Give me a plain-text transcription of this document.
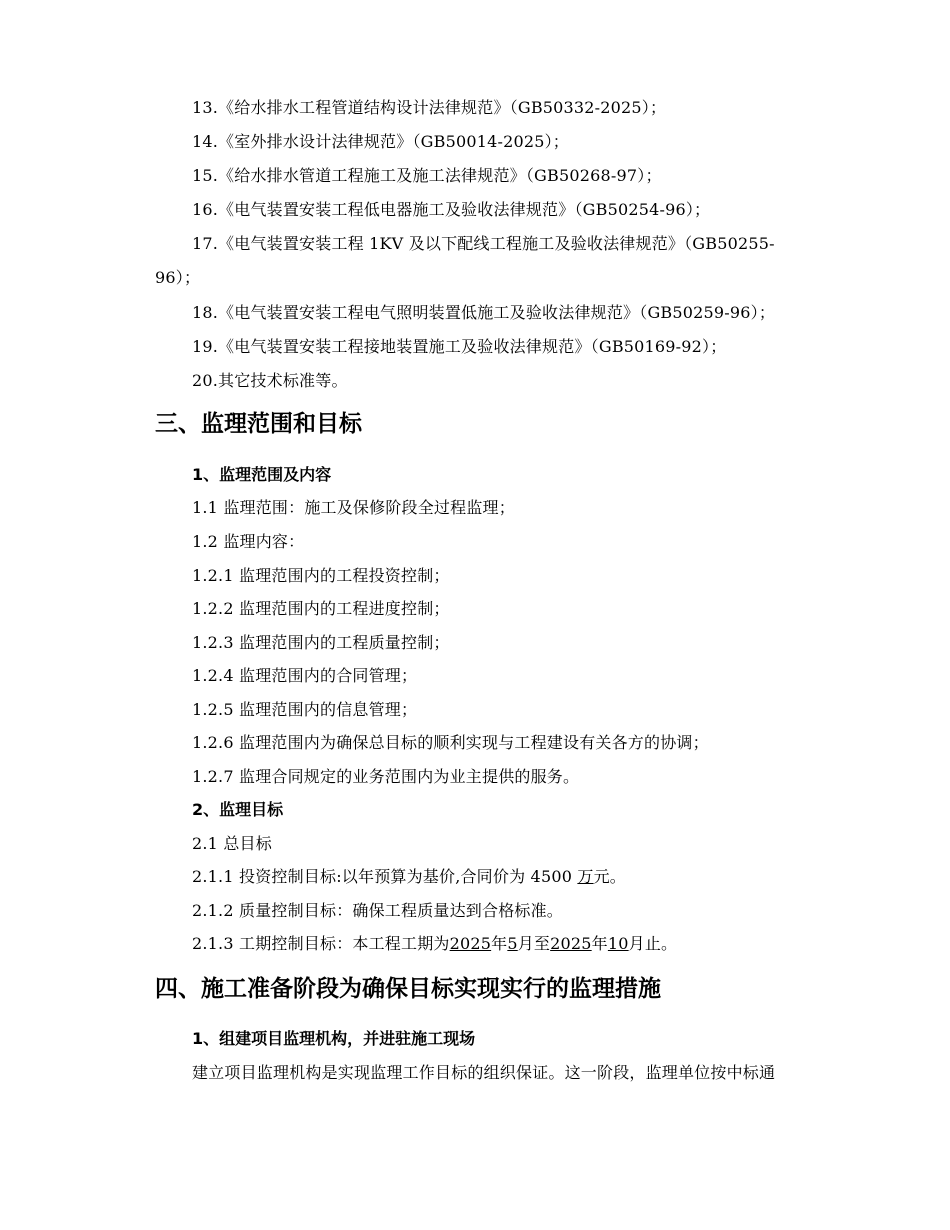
13.《给水排水工程管道结构设计法律规范》（GB50332-2025）；
14.《室外排水设计法律规范》（GB50014-2025）；
15.《给水排水管道工程施工及施工法律规范》（GB50268-97）；
16.《电气装置安装工程低电器施工及验收法律规范》（GB50254-96）；
17.《电气装置安装工程 1KV 及以下配线工程施工及验收法律规范》（GB50255-
96）；
18.《电气装置安装工程电气照明装置低施工及验收法律规范》（GB50259-96）；
19.《电气装置安装工程接地装置施工及验收法律规范》（GB50169-92）；
20.其它技术标准等。
三、监理范围和目标
1、监理范围及内容
1.1 监理范围：施工及保修阶段全过程监理；
1.2 监理内容：
1.2.1 监理范围内的工程投资控制；
1.2.2 监理范围内的工程进度控制；
1.2.3 监理范围内的工程质量控制；
1.2.4 监理范围内的合同管理；
1.2.5 监理范围内的信息管理；
1.2.6 监理范围内为确保总目标的顺利实现与工程建设有关各方的协调；
1.2.7 监理合同规定的业务范围内为业主提供的服务。
2、监理目标
2.1 总目标
2.1.1 投资控制目标:以年预算为基价,合同价为 4500 万元。
2.1.2 质量控制目标：确保工程质量达到合格标准。
2.1.3 工期控制目标：本工程工期为2025年5月至2025年10月止。
四、施工准备阶段为确保目标实现实行的监理措施
1、组建项目监理机构，并进驻施工现场
建立项目监理机构是实现监理工作目标的组织保证。这一阶段，监理单位按中标通
